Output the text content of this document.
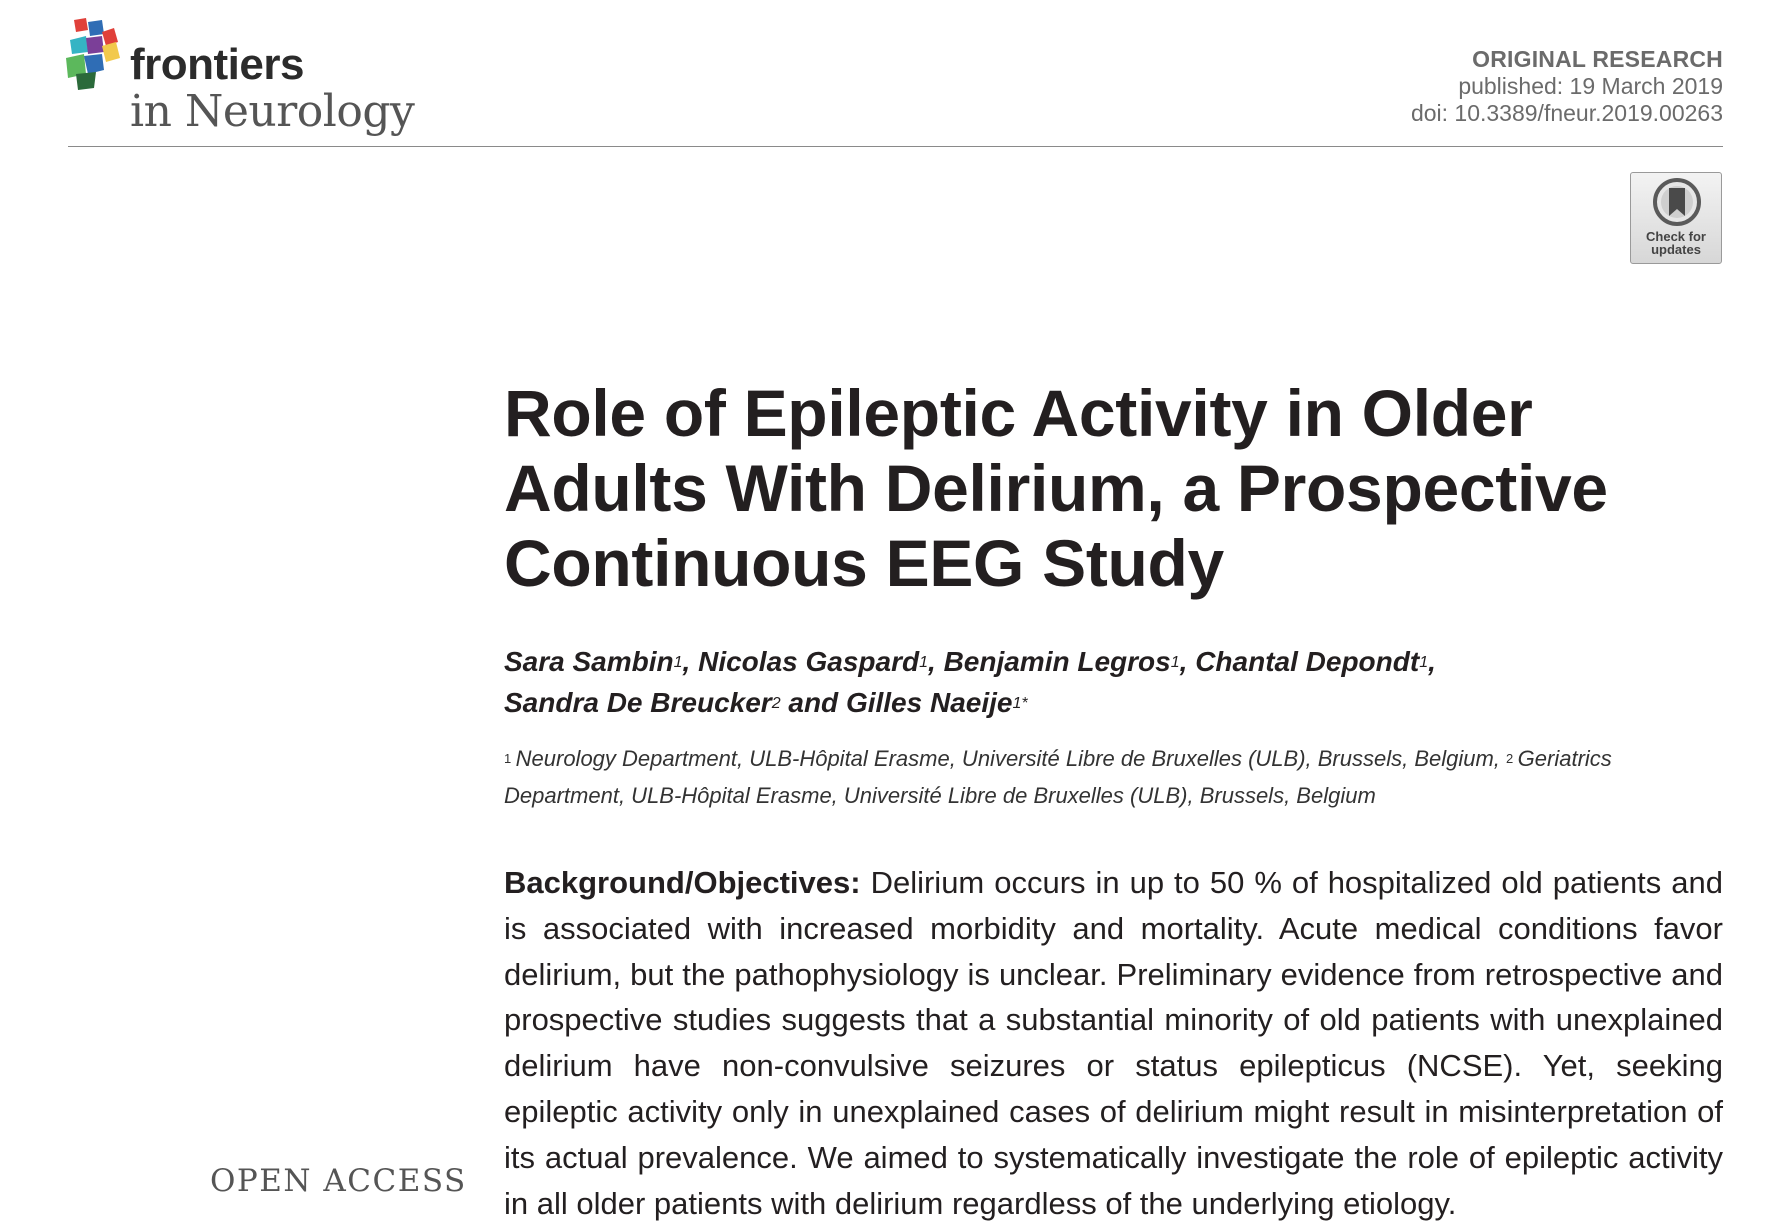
frontiers
in Neurology
ORIGINAL RESEARCH
published: 19 March 2019
doi: 10.3389/fneur.2019.00263
Check for
updates
Role of Epileptic Activity in Older Adults With Delirium, a Prospective Continuous EEG Study
Sara Sambin$^1$, Nicolas Gaspard$^1$, Benjamin Legros$^1$, Chantal Depondt$^1$,
Sandra De Breucker$^2$ and Gilles Naeije$^{1*}$
$^1$  Neurology Department, ULB-Hôpital Erasme, Université Libre de Bruxelles (ULB), Brussels, Belgium, $^2$  Geriatrics Department, ULB-Hôpital Erasme, Université Libre de Bruxelles (ULB), Brussels, Belgium

Background/Objectives: Delirium occurs in up to 50 % of hospitalized old patients and is associated with increased morbidity and mortality. Acute medical conditions favor delirium, but the pathophysiology is unclear. Preliminary evidence from retrospective and prospective studies suggests that a substantial minority of old patients with unexplained delirium have non-convulsive seizures or status epilepticus (NCSE). Yet, seeking epileptic activity only in unexplained cases of delirium might result in misinterpretation of its actual prevalence. We aimed to systematically investigate the role of epileptic activity in all older patients with delirium regardless of the underlying etiology.

OPEN ACCESS
